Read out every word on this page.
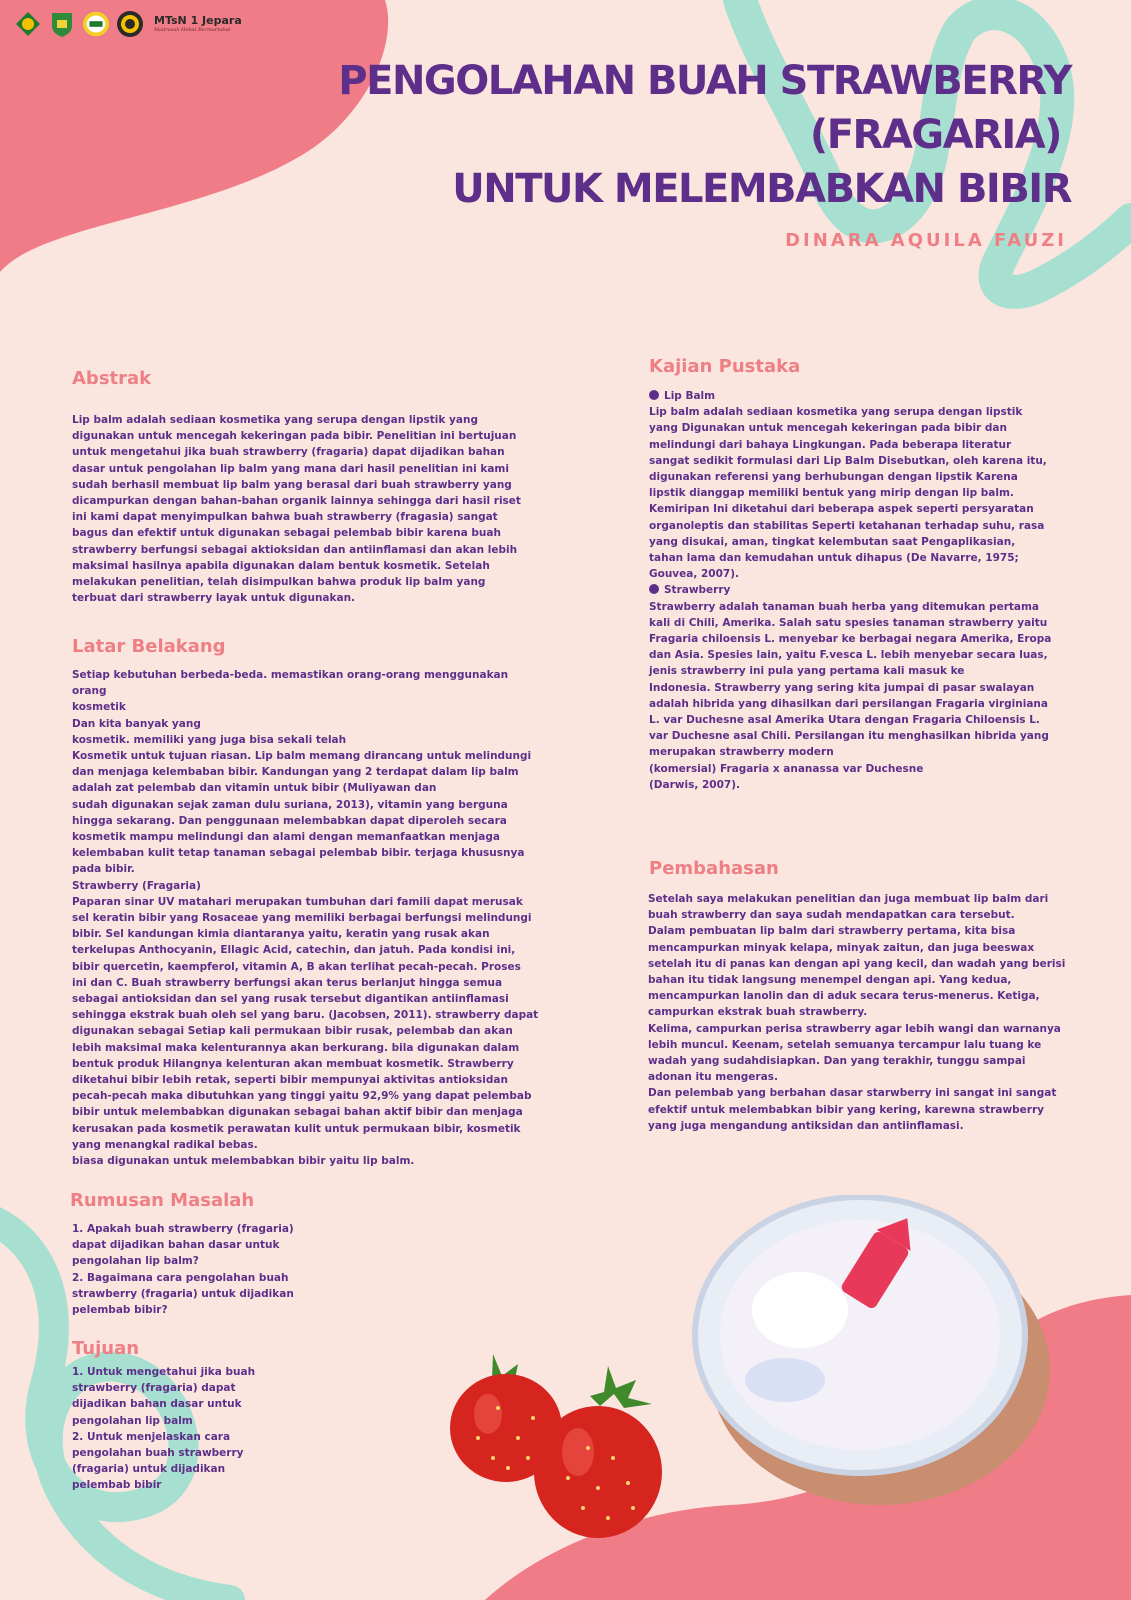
MTsN 1 Jepara
Madrasah Hebat Bermartabat
PENGOLAHAN BUAH STRAWBERRY
(FRAGARIA)
UNTUK MELEMBABKAN BIBIR
DINARA AQUILA FAUZI
Abstrak

Lip balm adalah sediaan kosmetika yang serupa dengan lipstik yang

digunakan untuk mencegah kekeringan pada bibir. Penelitian ini bertujuan

untuk mengetahui jika buah strawberry (fragaria) dapat dijadikan bahan

dasar untuk pengolahan lip balm yang mana dari hasil penelitian ini kami

sudah berhasil membuat lip balm yang berasal dari buah strawberry yang

dicampurkan dengan bahan-bahan organik lainnya sehingga dari hasil riset

ini kami dapat menyimpulkan bahwa buah strawberry (fragasia) sangat

bagus dan efektif untuk digunakan sebagai pelembab bibir karena buah

strawberry berfungsi sebagai aktioksidan dan antiinflamasi dan akan lebih

maksimal hasilnya apabila digunakan dalam bentuk kosmetik. Setelah

melakukan penelitian, telah disimpulkan bahwa produk lip balm yang

terbuat dari strawberry layak untuk digunakan.

Latar Belakang

Setiap kebutuhan berbeda-beda. memastikan orang-orang menggunakan

orang

kosmetik

Dan kita banyak yang

kosmetik. memiliki yang juga bisa sekali telah

Kosmetik untuk tujuan riasan. Lip balm memang dirancang untuk melindungi

dan menjaga kelembaban bibir. Kandungan yang 2 terdapat dalam lip balm

adalah zat pelembab dan vitamin untuk bibir (Muliyawan dan

sudah digunakan sejak zaman dulu suriana, 2013), vitamin yang berguna

hingga sekarang. Dan penggunaan melembabkan dapat diperoleh secara

kosmetik mampu melindungi dan alami dengan memanfaatkan menjaga

kelembaban kulit tetap tanaman sebagai pelembab bibir. terjaga khususnya

pada bibir.

Strawberry (Fragaria)

Paparan sinar UV matahari merupakan tumbuhan dari famili dapat merusak

sel keratin bibir yang Rosaceae yang memiliki berbagai berfungsi melindungi

bibir. Sel kandungan kimia diantaranya yaitu, keratin yang rusak akan

terkelupas Anthocyanin, Ellagic Acid, catechin, dan jatuh. Pada kondisi ini,

bibir quercetin, kaempferol, vitamin A, B akan terlihat pecah-pecah. Proses

ini dan C. Buah strawberry berfungsi akan terus berlanjut hingga semua

sebagai antioksidan dan sel yang rusak tersebut digantikan antiinflamasi

sehingga ekstrak buah oleh sel yang baru. (Jacobsen, 2011). strawberry dapat

digunakan sebagai Setiap kali permukaan bibir rusak, pelembab dan akan

lebih maksimal maka kelenturannya akan berkurang. bila digunakan dalam

bentuk produk Hilangnya kelenturan akan membuat kosmetik. Strawberry

diketahui bibir lebih retak, seperti bibir mempunyai aktivitas antioksidan

pecah-pecah maka dibutuhkan yang tinggi yaitu 92,9% yang dapat pelembab

bibir untuk melembabkan digunakan sebagai bahan aktif bibir dan menjaga

kerusakan pada kosmetik perawatan kulit untuk permukaan bibir, kosmetik

yang menangkal radikal bebas.

biasa digunakan untuk melembabkan bibir yaitu lip balm.

Rumusan Masalah

1. Apakah buah strawberry (fragaria)

dapat dijadikan bahan dasar untuk

pengolahan lip balm?

2. Bagaimana cara pengolahan buah

strawberry (fragaria) untuk dijadikan

pelembab bibir?

Tujuan

1. Untuk mengetahui jika buah

strawberry (fragaria) dapat

dijadikan bahan dasar untuk

pengolahan lip balm

2. Untuk menjelaskan cara

pengolahan buah strawberry

(fragaria) untuk dijadikan

pelembab bibir

Kajian Pustaka

Lip Balm

Lip balm adalah sediaan kosmetika yang serupa dengan lipstik

yang Digunakan untuk mencegah kekeringan pada bibir dan

melindungi dari bahaya Lingkungan. Pada beberapa literatur

sangat sedikit formulasi dari Lip Balm Disebutkan, oleh karena itu,

digunakan referensi yang berhubungan dengan lipstik Karena

lipstik dianggap memiliki bentuk yang mirip dengan lip balm.

Kemiripan Ini diketahui dari beberapa aspek seperti persyaratan

organoleptis dan stabilitas Seperti ketahanan terhadap suhu, rasa

yang disukai, aman, tingkat kelembutan saat Pengaplikasian,

tahan lama dan kemudahan untuk dihapus (De Navarre, 1975;

Gouvea, 2007).

Strawberry

Strawberry adalah tanaman buah herba yang ditemukan pertama

kali di Chili, Amerika. Salah satu spesies tanaman strawberry yaitu

Fragaria chiloensis L. menyebar ke berbagai negara Amerika, Eropa

dan Asia. Spesies lain, yaitu F.vesca L. lebih menyebar secara luas,

jenis strawberry ini pula yang pertama kali masuk ke

Indonesia. Strawberry yang sering kita jumpai di pasar swalayan

adalah hibrida yang dihasilkan dari persilangan Fragaria virginiana

L. var Duchesne asal Amerika Utara dengan Fragaria Chiloensis L.

var Duchesne asal Chili. Persilangan itu menghasilkan hibrida yang

merupakan strawberry modern

(komersial) Fragaria x ananassa var Duchesne

(Darwis, 2007).

Pembahasan

Setelah saya melakukan penelitian dan juga membuat lip balm dari

buah strawberry dan saya sudah mendapatkan cara tersebut.

Dalam pembuatan lip balm dari strawberry pertama, kita bisa

mencampurkan minyak kelapa, minyak zaitun, dan juga beeswax

setelah itu di panas kan dengan api yang kecil, dan wadah yang berisi

bahan itu tidak langsung menempel dengan api. Yang kedua,

mencampurkan lanolin dan di aduk secara terus-menerus. Ketiga,

campurkan ekstrak buah strawberry.

Kelima, campurkan perisa strawberry agar lebih wangi dan warnanya

lebih muncul. Keenam, setelah semuanya tercampur lalu tuang ke

wadah yang sudahdisiapkan. Dan yang terakhir, tunggu sampai

adonan itu mengeras.

Dan pelembab yang berbahan dasar starwberry ini sangat ini sangat

efektif untuk melembabkan bibir yang kering, karewna strawberry

yang juga mengandung antiksidan dan antiinflamasi.
